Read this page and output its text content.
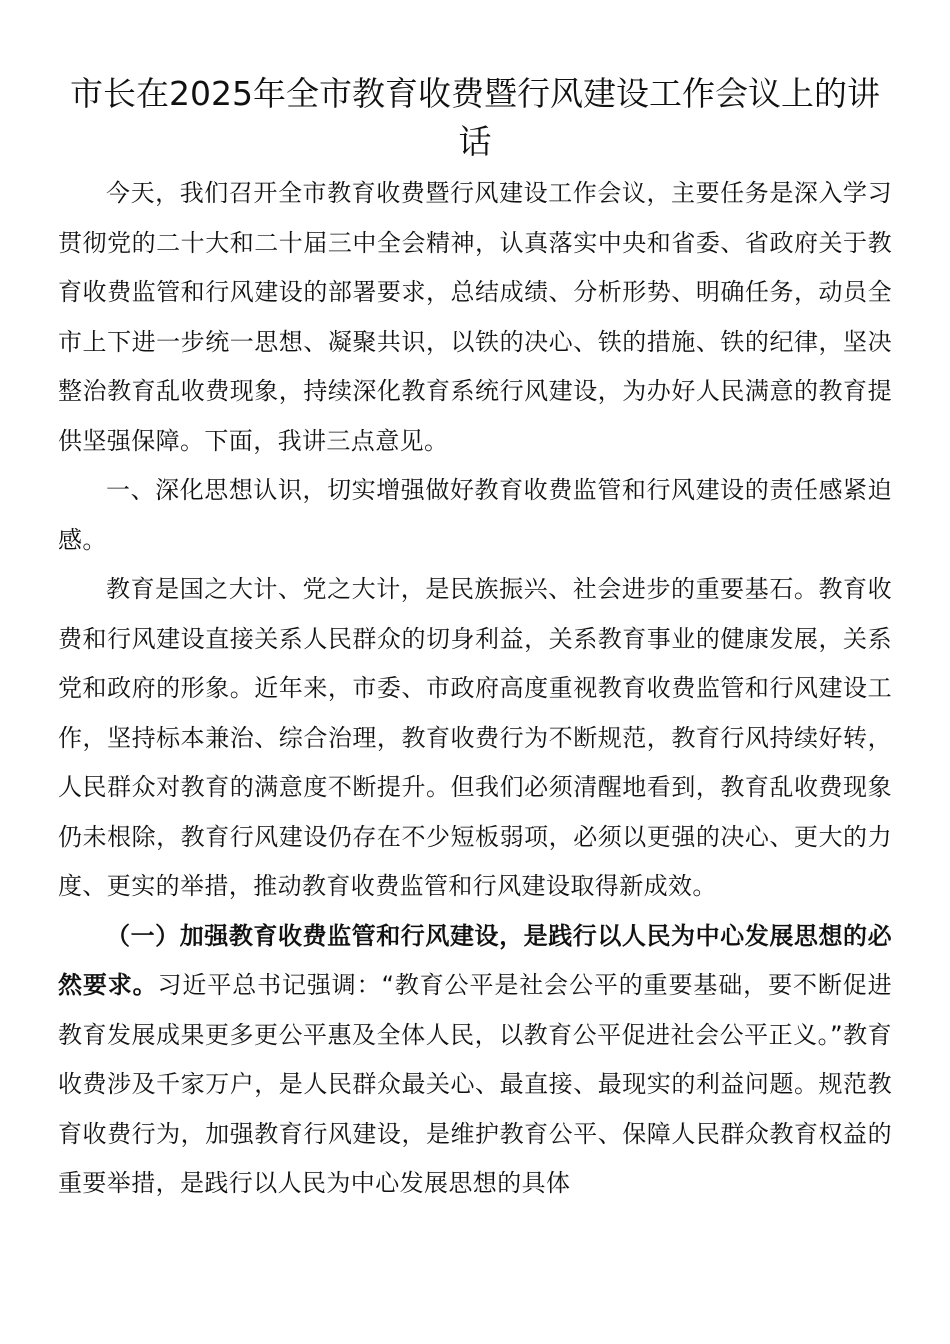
市长在2025年全市教育收费暨行风建设工作会议上的讲话

今天，我们召开全市教育收费暨行风建设工作会议，主要任务是深入学习贯彻党的二十大和二十届三中全会精神，认真落实中央和省委、省政府关于教育收费监管和行风建设的部署要求，总结成绩、分析形势、明确任务，动员全市上下进一步统一思想、凝聚共识，以铁的决心、铁的措施、铁的纪律，坚决整治教育乱收费现象，持续深化教育系统行风建设，为办好人民满意的教育提供坚强保障。下面，我讲三点意见。

一、深化思想认识，切实增强做好教育收费监管和行风建设的责任感紧迫感。

教育是国之大计、党之大计，是民族振兴、社会进步的重要基石。教育收费和行风建设直接关系人民群众的切身利益，关系教育事业的健康发展，关系党和政府的形象。近年来，市委、市政府高度重视教育收费监管和行风建设工作，坚持标本兼治、综合治理，教育收费行为不断规范，教育行风持续好转，人民群众对教育的满意度不断提升。但我们必须清醒地看到，教育乱收费现象仍未根除，教育行风建设仍存在不少短板弱项，必须以更强的决心、更大的力度、更实的举措，推动教育收费监管和行风建设取得新成效。

（一）加强教育收费监管和行风建设，是践行以人民为中心发展思想的必然要求。习近平总书记强调：“教育公平是社会公平的重要基础，要不断促进教育发展成果更多更公平惠及全体人民，以教育公平促进社会公平正义。”教育收费涉及千家万户，是人民群众最关心、最直接、最现实的利益问题。规范教育收费行为，加强教育行风建设，是维护教育公平、保障人民群众教育权益的重要举措，是践行以人民为中心发展思想的具体
